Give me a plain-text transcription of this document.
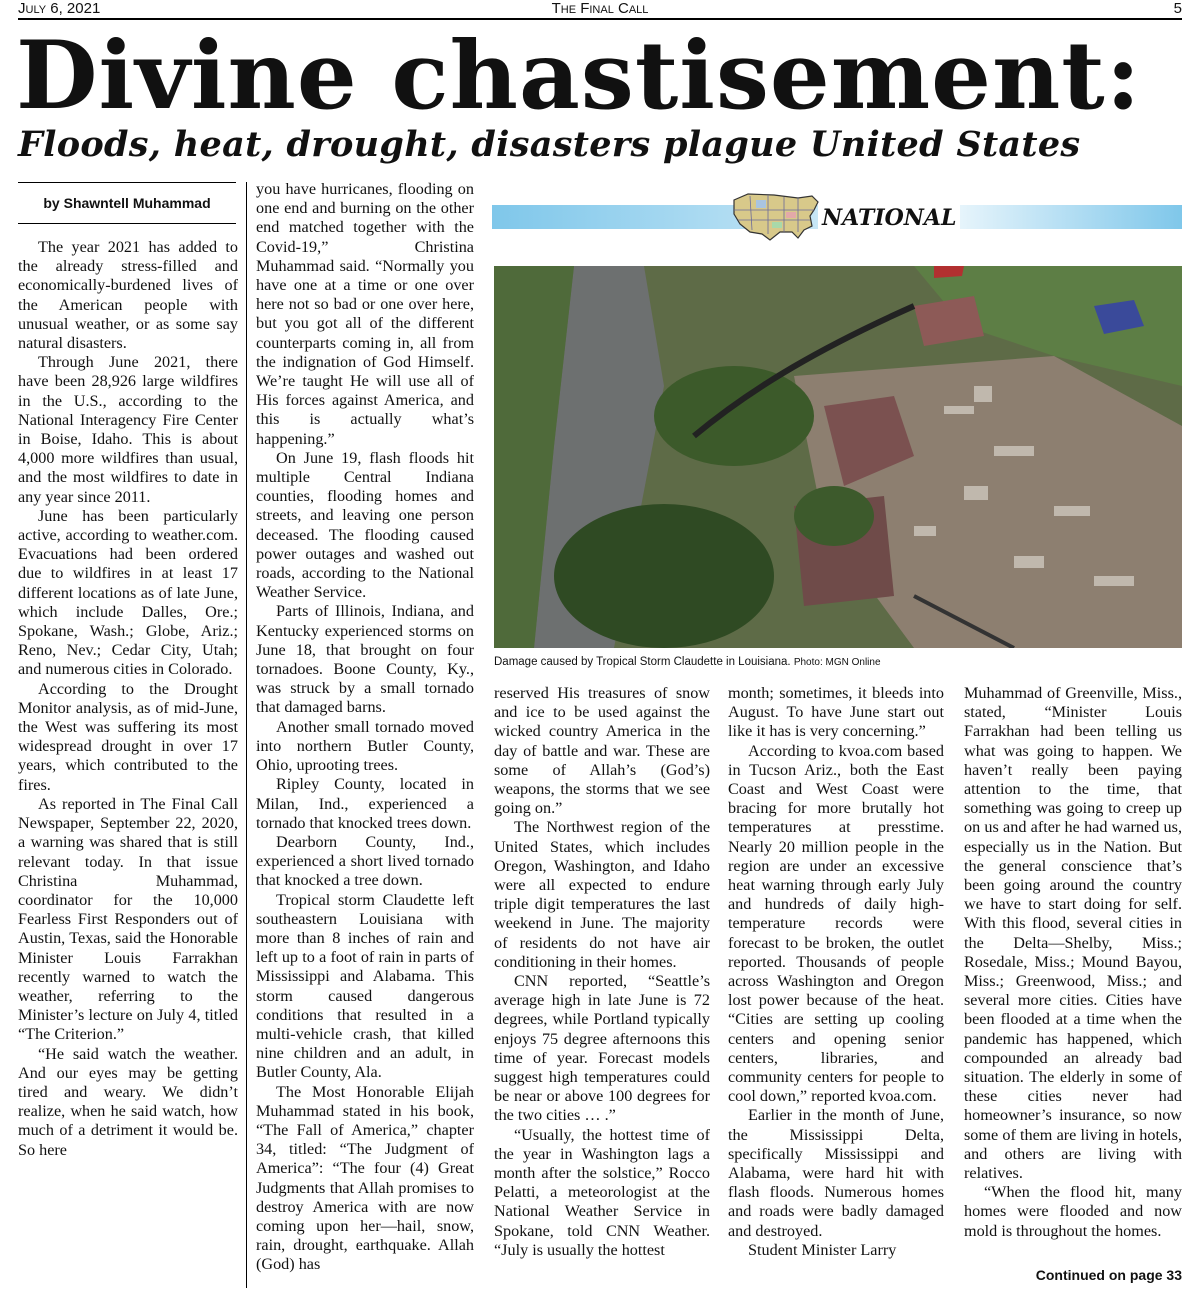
July 6, 2021	The Final Call	5
Divine chastisement:
Floods, heat, drought, disasters plague United States
by Shawntell Muhammad

The year 2021 has added to the already stress-filled and economically-burdened lives of the American people with unusual weather, or as some say natural disasters.

Through June 2021, there have been 28,926 large wildfires in the U.S., according to the National Interagency Fire Center in Boise, Idaho. This is about 4,000 more wildfires than usual, and the most wildfires to date in any year since 2011.

June has been particularly active, according to weather.com. Evacuations had been ordered due to wildfires in at least 17 different locations as of late June, which include Dalles, Ore.; Spokane, Wash.; Globe, Ariz.; Reno, Nev.; Cedar City, Utah; and numerous cities in Colorado.

According to the Drought Monitor analysis, as of mid-June, the West was suffering its most widespread drought in over 17 years, which contributed to the fires.

As reported in The Final Call Newspaper, September 22, 2020, a warning was shared that is still relevant today. In that issue Christina Muhammad, coordinator for the 10,000 Fearless First Responders out of Austin, Texas, said the Honorable Minister Louis Farrakhan recently warned to watch the weather, referring to the Minister’s lecture on July 4, titled “The Criterion.”

“He said watch the weather. And our eyes may be getting tired and weary. We didn’t realize, when he said watch, how much of a detriment it would be. So here

you have hurricanes, flooding on one end and burning on the other end matched together with the Covid-19,” Christina Muhammad said. “Normally you have one at a time or one over here not so bad or one over here, but you got all of the different counterparts coming in, all from the indignation of God Himself. We’re taught He will use all of His forces against America, and this is actually what’s happening.”

On June 19, flash floods hit multiple Central Indiana counties, flooding homes and streets, and leaving one person deceased. The flooding caused power outages and washed out roads, according to the National Weather Service.

Parts of Illinois, Indiana, and Kentucky experienced storms on June 18, that brought on four tornadoes. Boone County, Ky., was struck by a small tornado that damaged barns.

Another small tornado moved into northern Butler County, Ohio, uprooting trees.

Ripley County, located in Milan, Ind., experienced a tornado that knocked trees down.

Dearborn County, Ind., experienced a short lived tornado that knocked a tree down.

Tropical storm Claudette left southeastern Louisiana with more than 8 inches of rain and left up to a foot of rain in parts of Mississippi and Alabama. This storm caused dangerous conditions that resulted in a multi-vehicle crash, that killed nine children and an adult, in Butler County, Ala.

The Most Honorable Elijah Muhammad stated in his book, “The Fall of America,” chapter 34, titled: “The Judgment of America”: “The four (4) Great Judgments that Allah promises to destroy America with are now coming upon her—hail, snow, rain, drought, earthquake. Allah (God) has

NATIONAL
Damage caused by Tropical Storm Claudette in Louisiana. Photo: MGN Online

reserved His treasures of snow and ice to be used against the wicked country America in the day of battle and war. These are some of Allah’s (God’s) weapons, the storms that we see going on.”

The Northwest region of the United States, which includes Oregon, Washington, and Idaho were all expected to endure triple digit temperatures the last weekend in June. The majority of residents do not have air conditioning in their homes.

CNN reported, “Seattle’s average high in late June is 72 degrees, while Portland typically enjoys 75 degree afternoons this time of year. Forecast models suggest high temperatures could be near or above 100 degrees for the two cities … .”

“Usually, the hottest time of the year in Washington lags a month after the solstice,” Rocco Pelatti, a meteorologist at the National Weather Service in Spokane, told CNN Weather. “July is usually the hottest

month; sometimes, it bleeds into August. To have June start out like it has is very concerning.”

According to kvoa.com based in Tucson Ariz., both the East Coast and West Coast were bracing for more brutally hot temperatures at presstime. Nearly 20 million people in the region are under an excessive heat warning through early July and hundreds of daily high-temperature records were forecast to be broken, the outlet reported. Thousands of people across Washington and Oregon lost power because of the heat. “Cities are setting up cooling centers and opening senior centers, libraries, and community centers for people to cool down,” reported kvoa.com.

Earlier in the month of June, the Mississippi Delta, specifically Mississippi and Alabama, were hard hit with flash floods. Numerous homes and roads were badly damaged and destroyed.

Student Minister Larry

Muhammad of Greenville, Miss., stated, “Minister Louis Farrakhan had been telling us what was going to happen. We haven’t really been paying attention to the time, that something was going to creep up on us and after he had warned us, especially us in the Nation. But the general conscience that’s been going around the country we have to start doing for self. With this flood, several cities in the Delta—Shelby, Miss.; Rosedale, Miss.; Mound Bayou, Miss.; Greenwood, Miss.; and several more cities. Cities have been flooded at a time when the pandemic has happened, which compounded an already bad situation. The elderly in some of these cities never had homeowner’s insurance, so now some of them are living in hotels, and others are living with relatives.

“When the flood hit, many homes were flooded and now mold is throughout the homes.

Continued on page 33
